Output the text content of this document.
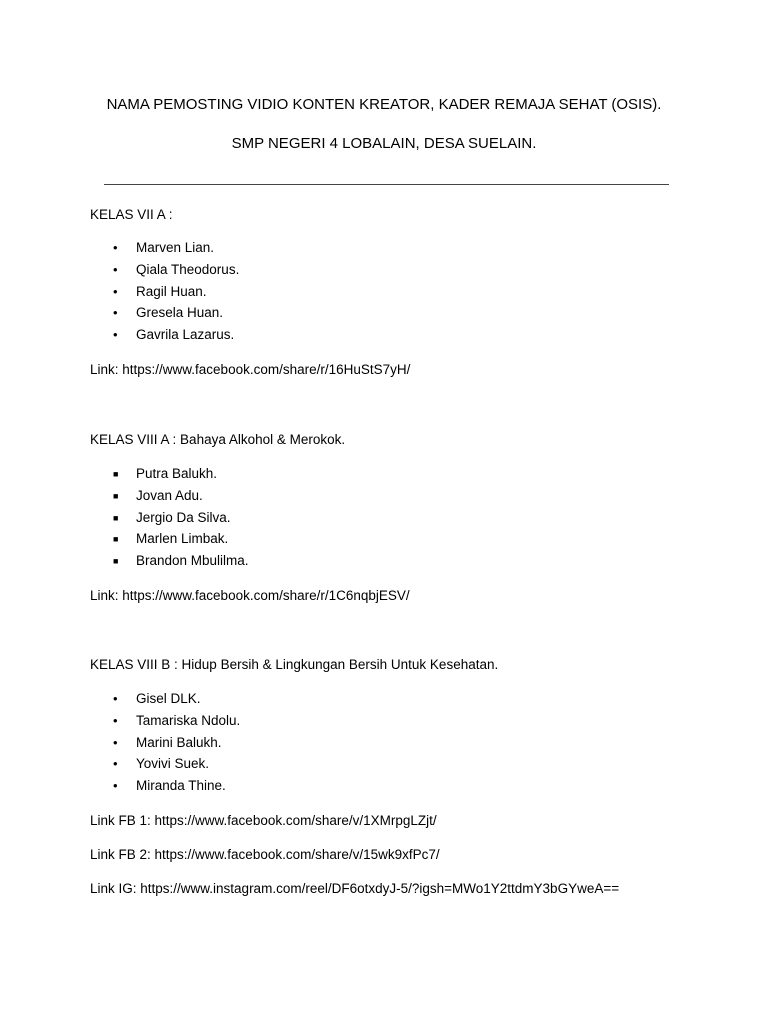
NAMA PEMOSTING VIDIO KONTEN KREATOR, KADER REMAJA SEHAT (OSIS).
SMP NEGERI 4 LOBALAIN, DESA SUELAIN.
KELAS VII A :
• Marven Lian.
• Qiala Theodorus.
• Ragil Huan.
• Gresela Huan.
• Gavrila Lazarus.
Link: https://www.facebook.com/share/r/16HuStS7yH/
KELAS VIII A : Bahaya Alkohol & Merokok.
■ Putra Balukh.
■ Jovan Adu.
■ Jergio Da Silva.
■ Marlen Limbak.
■ Brandon Mbulilma.
Link: https://www.facebook.com/share/r/1C6nqbjESV/
KELAS VIII B : Hidup Bersih & Lingkungan Bersih Untuk Kesehatan.
• Gisel DLK.
• Tamariska Ndolu.
• Marini Balukh.
• Yovivi Suek.
• Miranda Thine.
Link FB 1: https://www.facebook.com/share/v/1XMrpgLZjt/
Link FB 2: https://www.facebook.com/share/v/15wk9xfPc7/
Link IG: https://www.instagram.com/reel/DF6otxdyJ-5/?igsh=MWo1Y2ttdmY3bGYweA==
